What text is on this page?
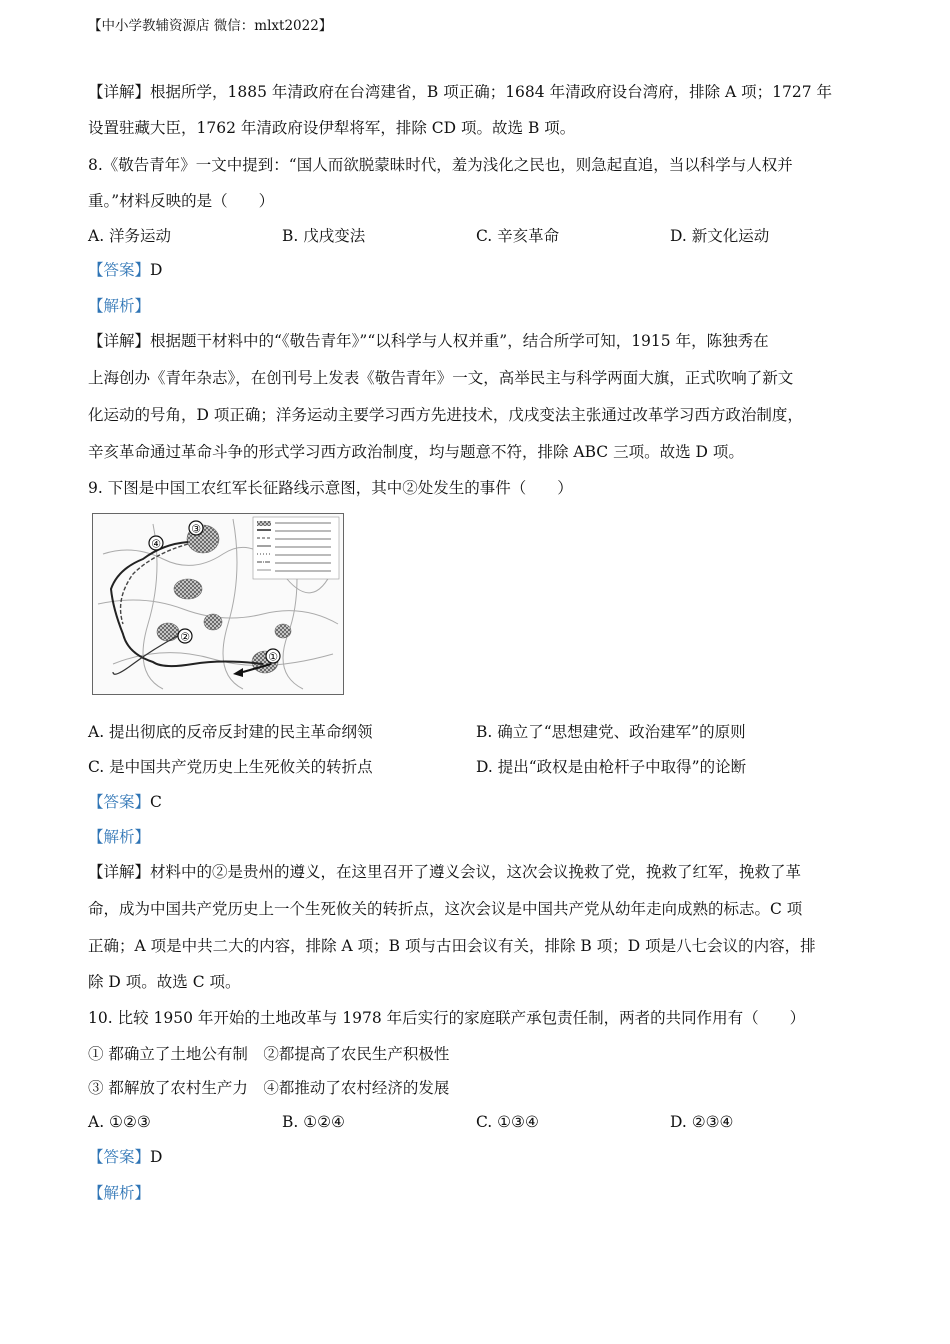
【中小学教辅资源店 微信：mlxt2022】
【详解】根据所学，1885 年清政府在台湾建省，B 项正确；1684 年清政府设台湾府，排除 A 项；1727 年
设置驻藏大臣，1762 年清政府设伊犁将军，排除 CD 项。故选 B 项。
8.《敬告青年》一文中提到：“国人而欲脱蒙昧时代，羞为浅化之民也，则急起直追，当以科学与人权并
重。”材料反映的是（　　）
A. 洋务运动	B. 戊戌变法	C. 辛亥革命	D. 新文化运动
【答案】D
【解析】
【详解】根据题干材料中的“《敬告青年》”“以科学与人权并重”，结合所学可知，1915 年，陈独秀在
上海创办《青年杂志》，在创刊号上发表《敬告青年》一文，高举民主与科学两面大旗，正式吹响了新文
化运动的号角，D 项正确；洋务运动主要学习西方先进技术，戊戌变法主张通过改革学习西方政治制度，
辛亥革命通过革命斗争的形式学习西方政治制度，均与题意不符，排除 ABC 三项。故选 D 项。
9. 下图是中国工农红军长征路线示意图，其中②处发生的事件（　　）
①
②
③
④
A. 提出彻底的反帝反封建的民主革命纲领	B. 确立了“思想建党、政治建军”的原则
C. 是中国共产党历史上生死攸关的转折点	D. 提出“政权是由枪杆子中取得”的论断
【答案】C
【解析】
【详解】材料中的②是贵州的遵义，在这里召开了遵义会议，这次会议挽救了党，挽救了红军，挽救了革
命，成为中国共产党历史上一个生死攸关的转折点，这次会议是中国共产党从幼年走向成熟的标志。C 项
正确；A 项是中共二大的内容，排除 A 项；B 项与古田会议有关，排除 B 项；D 项是八七会议的内容，排
除 D 项。故选 C 项。
10. 比较 1950 年开始的土地改革与 1978 年后实行的家庭联产承包责任制，两者的共同作用有（　　）
① 都确立了土地公有制　②都提高了农民生产积极性
③ 都解放了农村生产力　④都推动了农村经济的发展
A. ①②③	B. ①②④	C. ①③④	D. ②③④
【答案】D
【解析】
